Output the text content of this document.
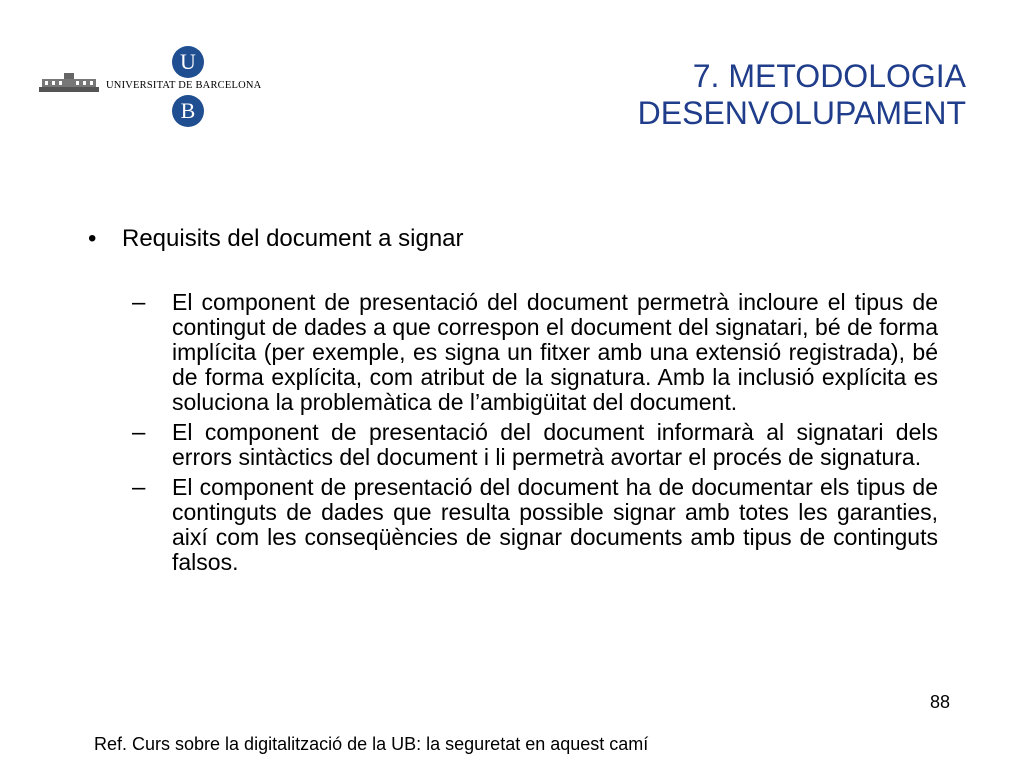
U
UNIVERSITAT DE BARCELONA
B
7. METODOLOGIA
DESENVOLUPAMENT
• Requisits del document a signar
– El component de presentació del document permetrà incloure el tipus de contingut de dades a que correspon el document del signatari, bé de forma implícita (per exemple, es signa un fitxer amb una extensió registrada), bé de forma explícita, com atribut de la signatura. Amb la inclusió explícita es soluciona la problemàtica de l’ambigüitat del document.

– El component de presentació del document informarà al signatari dels errors sintàctics del document i li permetrà avortar el procés de signatura.

– El component de presentació del document ha de documentar els tipus de continguts de dades que resulta possible signar amb totes les garanties, així com les conseqüències de signar documents amb tipus de continguts falsos.

88
Ref. Curs sobre la digitalització de la UB: la seguretat en aquest camí
